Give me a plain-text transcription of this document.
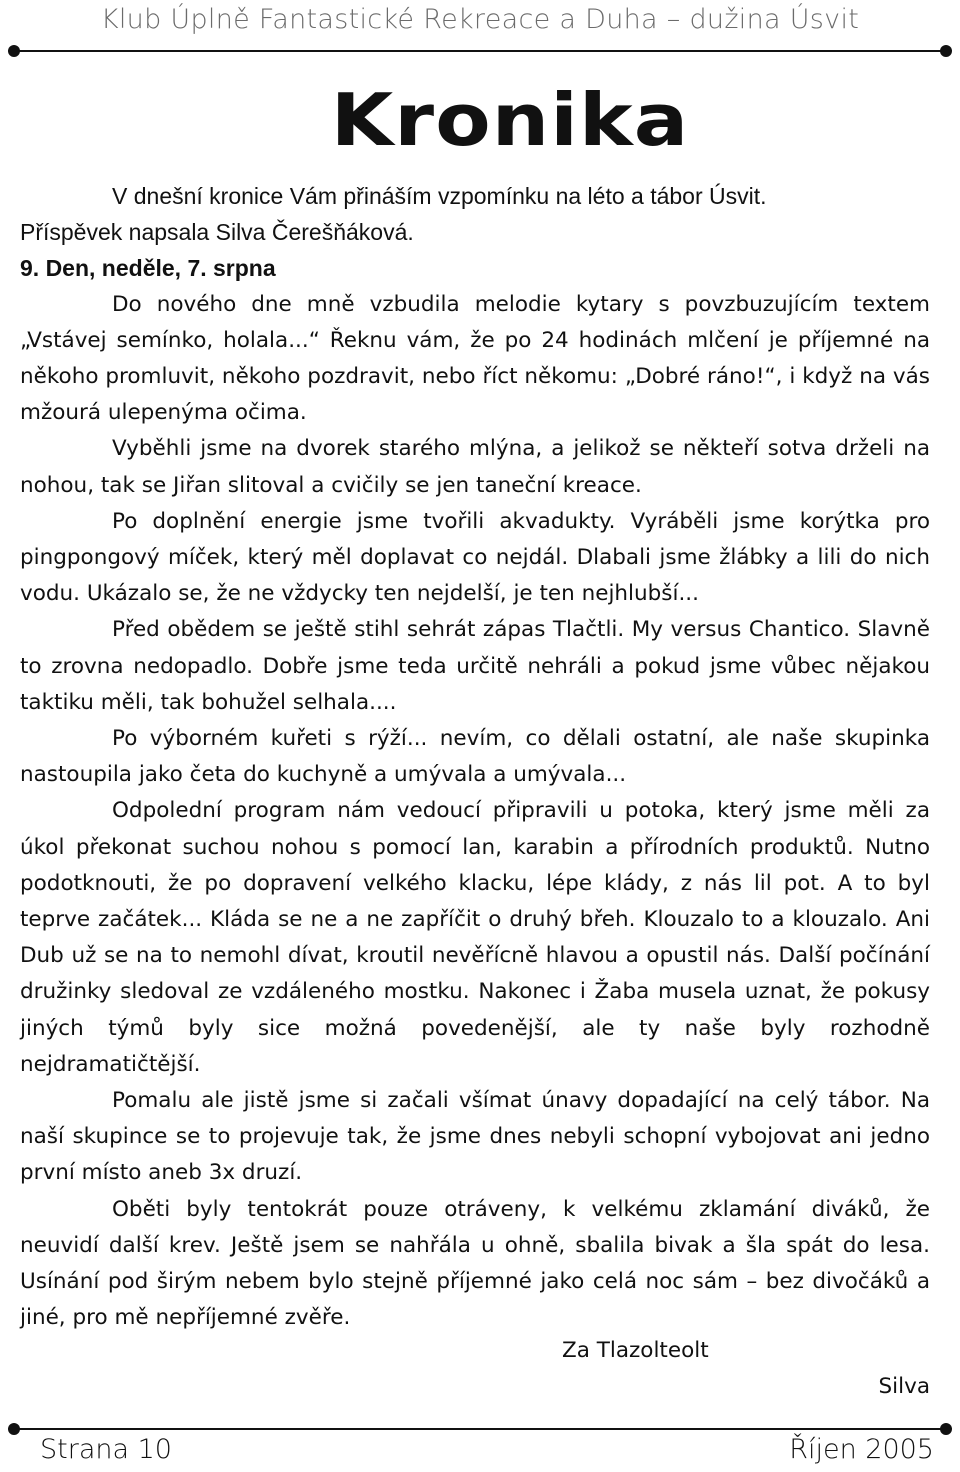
Klub Úplně Fantastické Rekreace a Duha – dužina Úsvit
Kronika

V dnešní kronice Vám přináším vzpomínku na léto a tábor Úsvit.

Příspěvek napsala Silva Čerešňáková.

9. Den, neděle, 7. srpna

Do nového dne mně vzbudila melodie kytary s povzbuzujícím textem „Vstávej semínko, holala...“ Řeknu vám, že po 24 hodinách mlčení je příjemné na někoho promluvit, někoho pozdravit, nebo říct někomu: „Dobré ráno!“, i když na vás mžourá ulepenýma očima.

Vyběhli jsme na dvorek starého mlýna, a jelikož se někteří sotva drželi na nohou, tak se Jiřan slitoval a cvičily se jen taneční kreace.

Po doplnění energie jsme tvořili akvadukty. Vyráběli jsme korýtka pro pingpongový míček, který měl doplavat co nejdál. Dlabali jsme žlábky a lili do nich vodu. Ukázalo se, že ne vždycky ten nejdelší, je ten nejhlubší...

Před obědem se ještě stihl sehrát zápas Tlačtli. My versus Chantico. Slavně to zrovna nedopadlo. Dobře jsme teda určitě nehráli a pokud jsme vůbec nějakou taktiku měli, tak bohužel selhala....

Po výborném kuřeti s rýží... nevím, co dělali ostatní, ale naše skupinka nastoupila jako četa do kuchyně a umývala a umývala...

Odpolední program nám vedoucí připravili u potoka, který jsme měli za úkol překonat suchou nohou s pomocí lan, karabin a přírodních produktů. Nutno podotknouti, že po dopravení velkého klacku, lépe klády, z nás lil pot. A to byl teprve začátek... Kláda se ne a ne zapříčit o druhý břeh. Klouzalo to a klouzalo. Ani Dub už se na to nemohl dívat, kroutil nevěřícně hlavou a opustil nás. Další počínání družinky sledoval ze vzdáleného mostku. Nakonec i Žaba musela uznat, že pokusy jiných týmů byly sice možná povedenější, ale ty naše byly rozhodně nejdramatičtější.

Pomalu ale jistě jsme si začali všímat únavy dopadající na celý tábor. Na naší skupince se to projevuje tak, že jsme dnes nebyli schopní vybojovat ani jedno první místo aneb 3x druzí.

Oběti byly tentokrát pouze otráveny, k velkému zklamání diváků, že neuvidí další krev. Ještě jsem se nahřála u ohně, sbalila bivak a šla spát do lesa. Usínání pod širým nebem bylo stejně příjemné jako celá noc sám – bez divočáků a jiné, pro mě nepříjemné zvěře.

Za Tlazolteolt
Silva
Strana 10	Říjen 2005
